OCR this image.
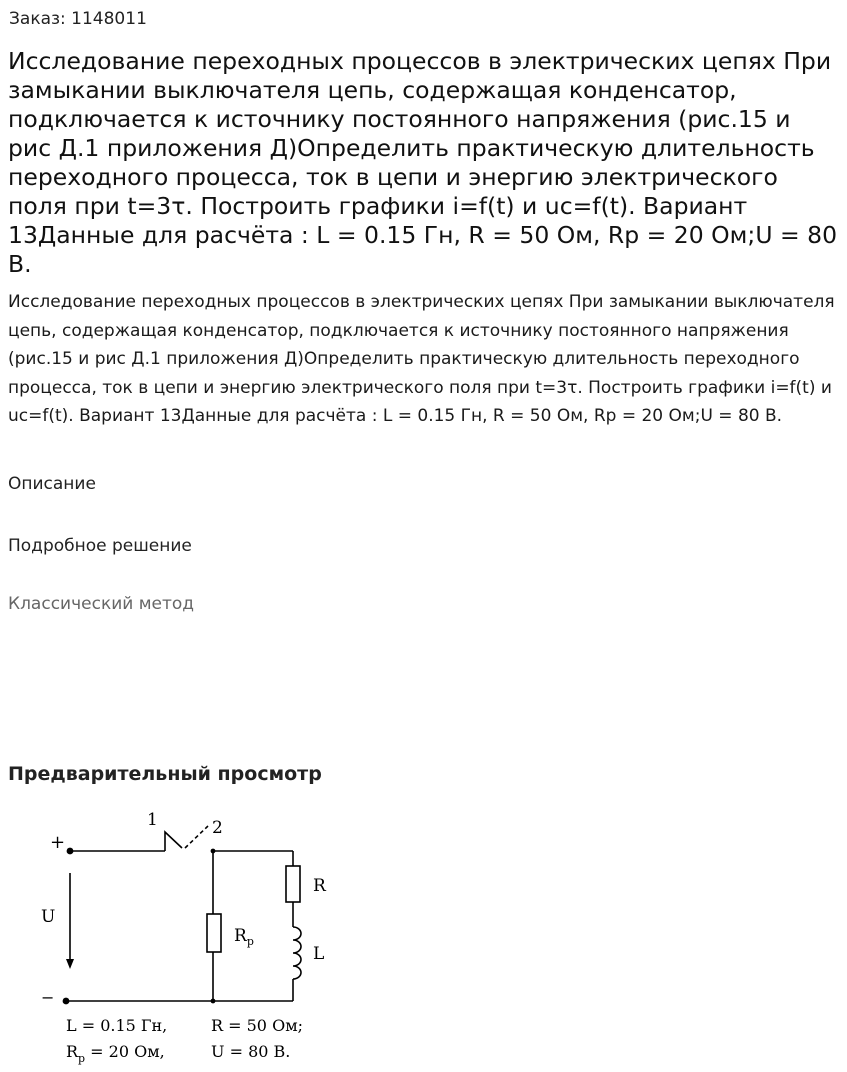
Заказ: 1148011
Исследование переходных процессов в электрических цепях При замыкании выключателя цепь, содержащая конденсатор, подключается к источнику постоянного напряжения (рис.15 и рис Д.1 приложения Д)Определить практическую длительность переходного процесса, ток в цепи и энергию электрического поля при t=3τ. Построить графики i=f(t) и uc=f(t). Вариант 13Данные для расчёта : L = 0.15 Гн, R = 50 Ом, Rp = 20 Ом;U = 80 В.
Исследование переходных процессов в электрических цепях При замыкании выключателя цепь, содержащая конденсатор, подключается к источнику постоянного напряжения (рис.15 и рис Д.1 приложения Д)Определить практическую длительность переходного процесса, ток в цепи и энергию электрического поля при t=3τ. Построить графики i=f(t) и uc=f(t). Вариант 13Данные для расчёта : L = 0.15 Гн, R = 50 Ом, Rp = 20 Ом;U = 80 В.
Описание
Подробное решение
Классический метод
Предварительный просмотр
+
−
1	2
U
R
L
$R_p$
L = 0.15 Гн,	R = 50 Ом;
$R_p = 20$ Ом,	U = 80 В.
